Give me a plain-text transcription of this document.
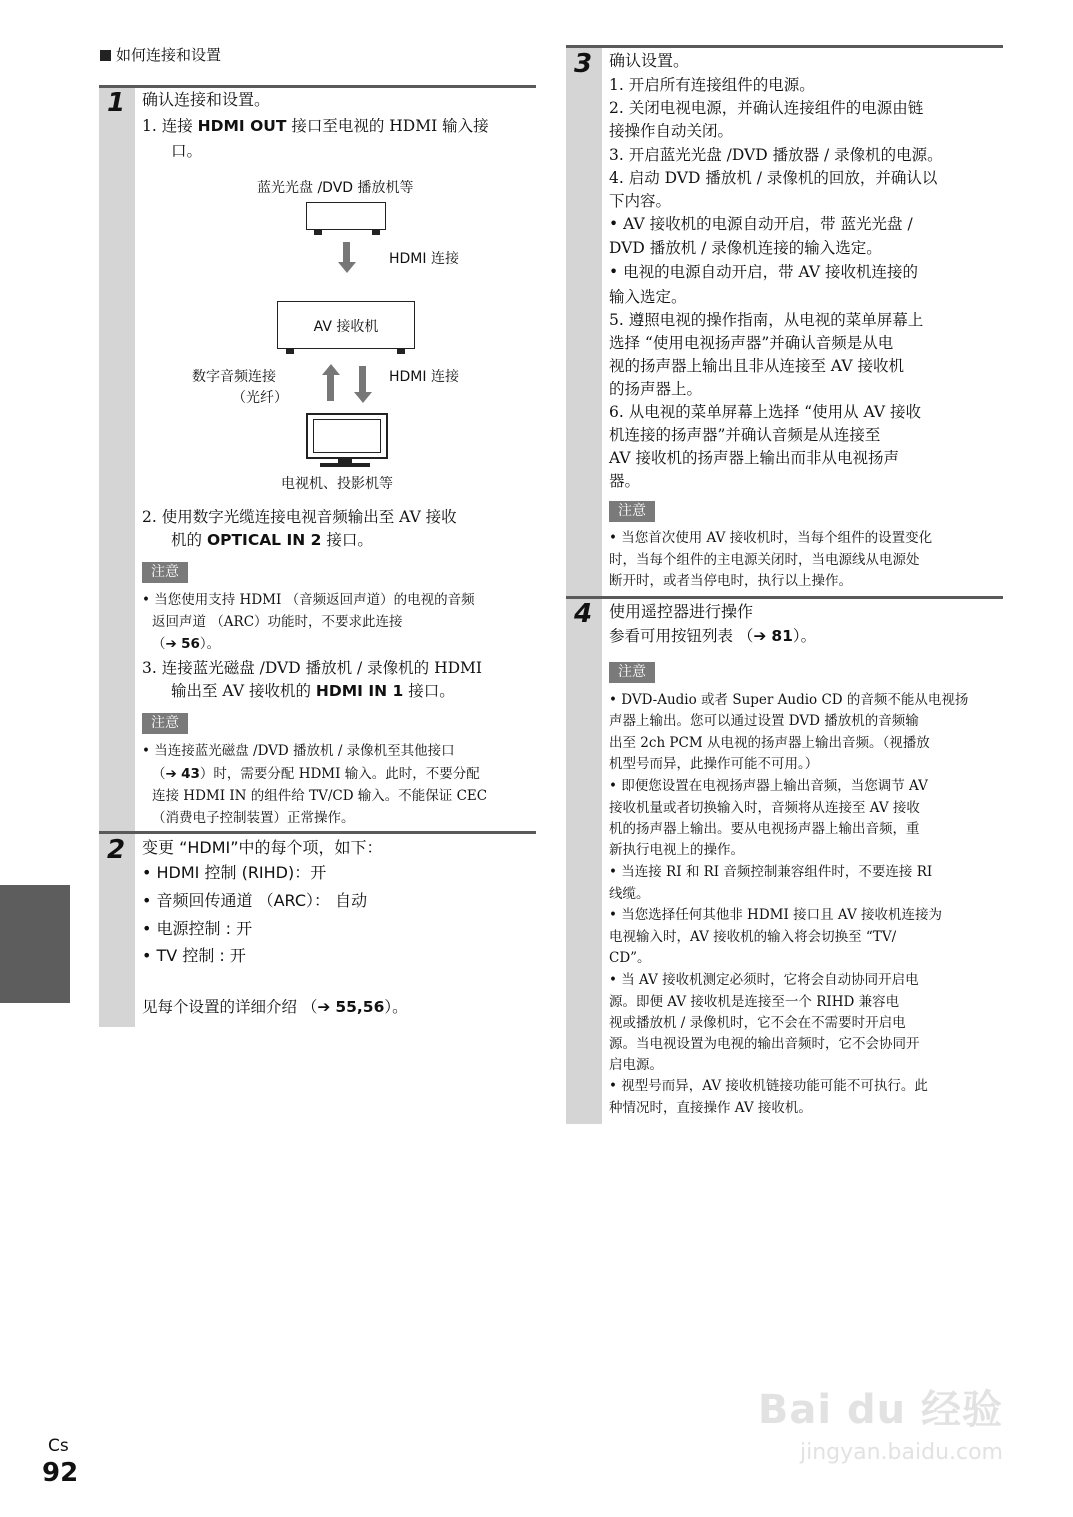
如何连接和设置
1 确认连接和设置。
1. 连接 HDMI OUT 接口至电视的 HDMI 输入接
口。
蓝光光盘 /DVD 播放机等
HDMI 连接
AV 接收机
数字音频连接
（光纤）
HDMI 连接
电视机、投影机等
2. 使用数字光缆连接电视音频输出至 AV 接收
机的 OPTICAL IN 2 接口。
注意
• 当您使用支持 HDMI （音频返回声道）的电视的音频
返回声道 （ARC）功能时，不要求此连接
（➔ 56）。
3. 连接蓝光磁盘 /DVD 播放机 / 录像机的 HDMI
输出至 AV 接收机的 HDMI IN 1 接口。
注意
• 当连接蓝光磁盘 /DVD 播放机 / 录像机至其他接口
（➔ 43）时，需要分配 HDMI 输入。此时，不要分配
连接 HDMI IN 的组件给 TV/CD 输入。不能保证 CEC
（消费电子控制装置）正常操作。
2 变更 “HDMI”中的每个项，如下：
• HDMI 控制 (RIHD)：开
• 音频回传通道 （ARC）： 自动
• 电源控制 : 开
• TV 控制 : 开
见每个设置的详细介绍 （➔ 55,56）。
3 确认设置。
1. 开启所有连接组件的电源。
2. 关闭电视电源，并确认连接组件的电源由链
接操作自动关闭。
3. 开启蓝光光盘 /DVD 播放器 / 录像机的电源。
4. 启动 DVD 播放机 / 录像机的回放，并确认以
下内容。
• AV 接收机的电源自动开启，带 蓝光光盘 /
DVD 播放机 / 录像机连接的输入选定。
• 电视的电源自动开启，带 AV 接收机连接的
输入选定。
5. 遵照电视的操作指南，从电视的菜单屏幕上
选择 “使用电视扬声器”并确认音频是从电
视的扬声器上输出且非从连接至 AV 接收机
的扬声器上。
6. 从电视的菜单屏幕上选择 “使用从 AV 接收
机连接的扬声器”并确认音频是从连接至
AV 接收机的扬声器上输出而非从电视扬声
器。
注意
• 当您首次使用 AV 接收机时，当每个组件的设置变化
时，当每个组件的主电源关闭时，当电源线从电源处
断开时，或者当停电时，执行以上操作。
4 使用遥控器进行操作
参看可用按钮列表 （➔ 81）。
注意
• DVD-Audio 或者 Super Audio CD 的音频不能从电视扬
声器上输出。您可以通过设置 DVD 播放机的音频输
出至 2ch PCM 从电视的扬声器上输出音频。（视播放
机型号而异，此操作可能不可用。）
• 即便您设置在电视扬声器上输出音频，当您调节 AV
接收机量或者切换输入时，音频将从连接至 AV 接收
机的扬声器上输出。要从电视扬声器上输出音频，重
新执行电视上的操作。
• 当连接 RI 和 RI 音频控制兼容组件时，不要连接 RI
线缆。
• 当您选择任何其他非 HDMI 接口且 AV 接收机连接为
电视输入时，AV 接收机的输入将会切换至 “TV/
CD”。
• 当 AV 接收机测定必须时，它将会自动协同开启电
源。即便 AV 接收机是连接至一个 RIHD 兼容电
视或播放机 / 录像机时，它不会在不需要时开启电
源。当电视设置为电视的输出音频时，它不会协同开
启电源。
• 视型号而异，AV 接收机链接功能可能不可执行。此
种情况时，直接操作 AV 接收机。
Cs
92
Bai du 经验
jingyan.baidu.com
